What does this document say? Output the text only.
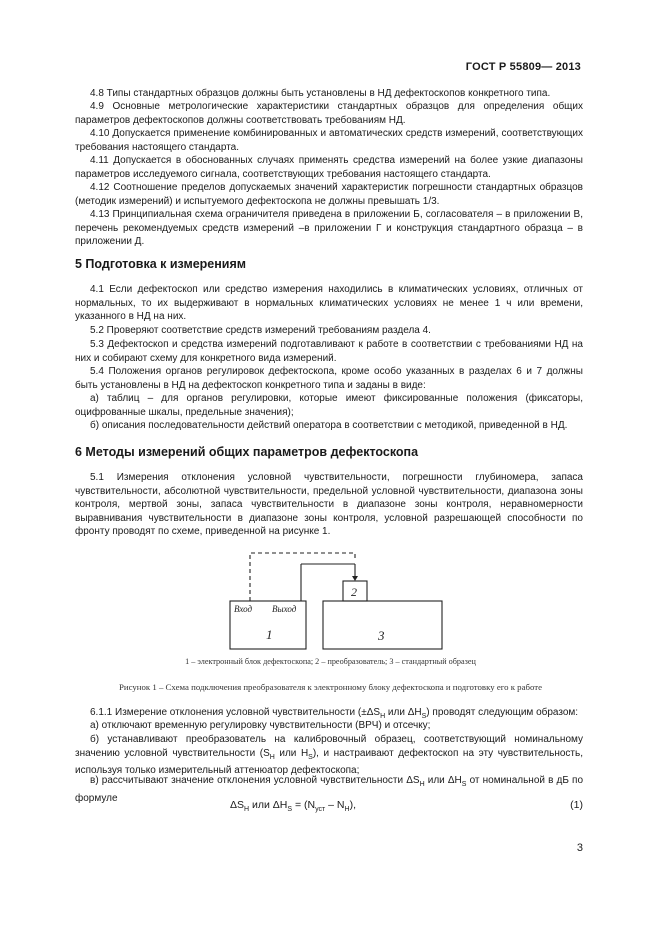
ГОСТ Р 55809— 2013

4.8 Типы стандартных образцов должны быть установлены в НД дефектоскопов конкретного типа.

4.9 Основные метрологические характеристики стандартных образцов для определения общих параметров дефектоскопов должны соответствовать требованиям НД.

4.10 Допускается применение комбинированных и автоматических средств измерений, соответствующих требования настоящего стандарта.

4.11 Допускается в обоснованных случаях применять средства измерений на более узкие диапазоны параметров исследуемого сигнала, соответствующих требования настоящего стандарта.

4.12 Соотношение пределов допускаемых значений характеристик погрешности стандартных образцов (методик измерений) и испытуемого дефектоскопа не должны превышать 1/3.

4.13 Принципиальная схема ограничителя приведена в приложении Б, согласователя – в приложении В, перечень рекомендуемых средств измерений –в приложении Г и конструкция стандартного образца – в приложении Д.

5 Подготовка к измерениям

4.1 Если дефектоскоп или средство измерения находились в климатических условиях, отличных от нормальных, то их выдерживают в нормальных климатических условиях не менее 1 ч или времени, указанного в НД на них.

5.2 Проверяют соответствие средств измерений требованиям раздела 4.

5.3 Дефектоскоп и средства измерений подготавливают к работе в соответствии с требованиями НД на них и собирают схему для конкретного вида измерений.

5.4 Положения органов регулировок дефектоскопа, кроме особо указанных в разделах 6 и 7 должны быть установлены в НД на дефектоскоп конкретного типа и заданы в виде:

а) таблиц – для органов регулировки, которые имеют фиксированные положения (фиксаторы, оцифрованные шкалы, предельные значения);

б) описания последовательности действий оператора в соответствии с методикой, приведенной в НД.

6 Методы измерений общих параметров дефектоскопа

5.1 Измерения отклонения условной чувствительности, погрешности глубиномера, запаса чувствительности, абсолютной чувствительности, предельной условной чувствительности, диапазона зоны контроля, мертвой зоны, запаса чувствительности в диапазоне зоны контроля, неравномерности выравнивания чувствительности в диапазоне зоны контроля, условной разрешающей способности по фронту проводят по схеме, приведенной на рисунке 1.

Вход Выход
1
2
3
1 – электронный блок дефектоскопа; 2 – преобразователь; 3 – стандартный образец
Рисунок 1 – Схема подключения преобразователя к электронному блоку дефектоскопа и подготовку его к работе

6.1.1 Измерение отклонения условной чувствительности ($\pm\Delta S_H$ или $\Delta H_S$) проводят следующим образом:

а) отключают временную регулировку чувствительности (ВРЧ) и отсечку;

б) устанавливают преобразователь на калибровочный образец, соответствующий номинальному значению условной чувствительности ($S_H$ или $H_S$), и настраивают дефектоскоп на эту чувствительность, используя только измерительный аттенюатор дефектоскопа;

в) рассчитывают значение отклонения условной чувствительности $\Delta S_H$ или $\Delta H_S$ от номинальной в дБ по формуле

$\Delta S_H$ или $\Delta H_S = (N_{уст} - N_H)$,	(1)
3
